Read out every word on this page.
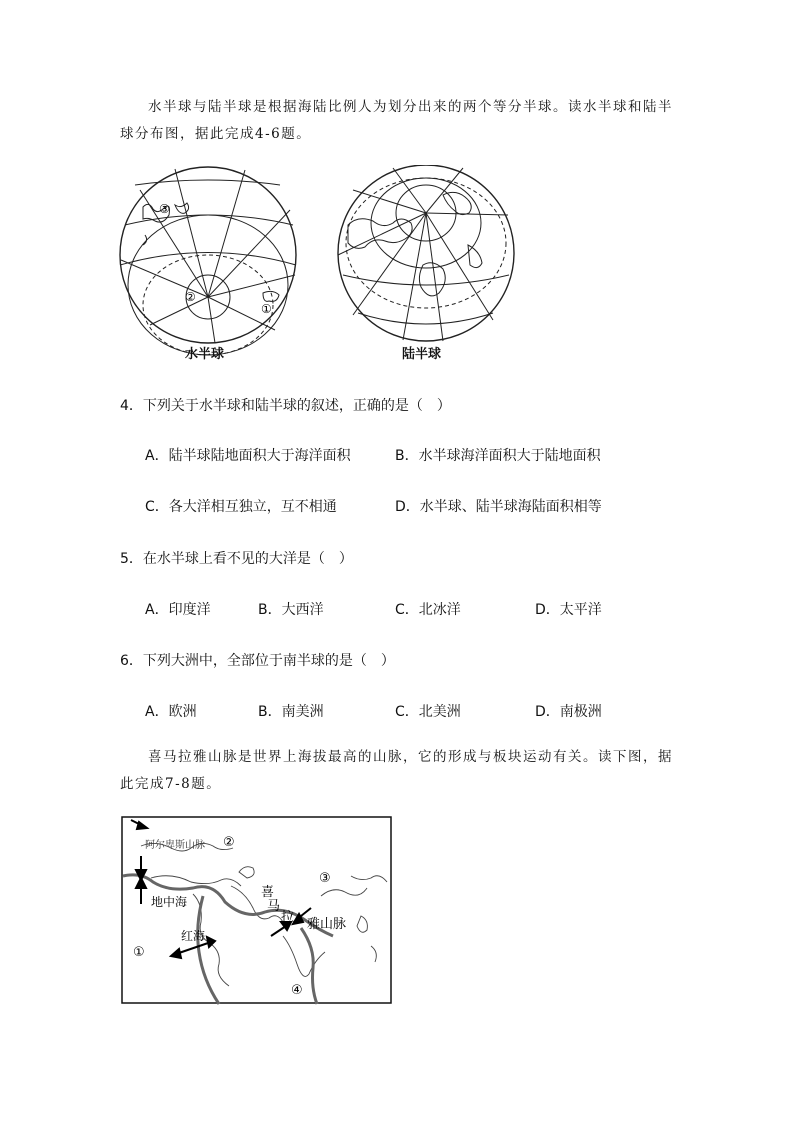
水半球与陆半球是根据海陆比例人为划分出来的两个等分半球。读水半球和陆半
球分布图，据此完成4-6题。
③
②
①
水半球	陆半球
4．下列关于水半球和陆半球的叙述，正确的是（　）
A．陆半球陆地面积大于海洋面积	B．水半球海洋面积大于陆地面积
C．各大洋相互独立，互不相通	D．水半球、陆半球海陆面积相等
5．在水半球上看不见的大洋是（　）
A．印度洋	B．大西洋	C．北冰洋	D．太平洋
6．下列大洲中，全部位于南半球的是（　）
A．欧洲	B．南美洲	C．北美洲	D．南极洲
喜马拉雅山脉是世界上海拔最高的山脉，它的形成与板块运动有关。读下图，据
此完成7-8题。
阿尔卑斯山脉 ②
地中海
红海
①
③
喜
马
拉 雅山脉
④
